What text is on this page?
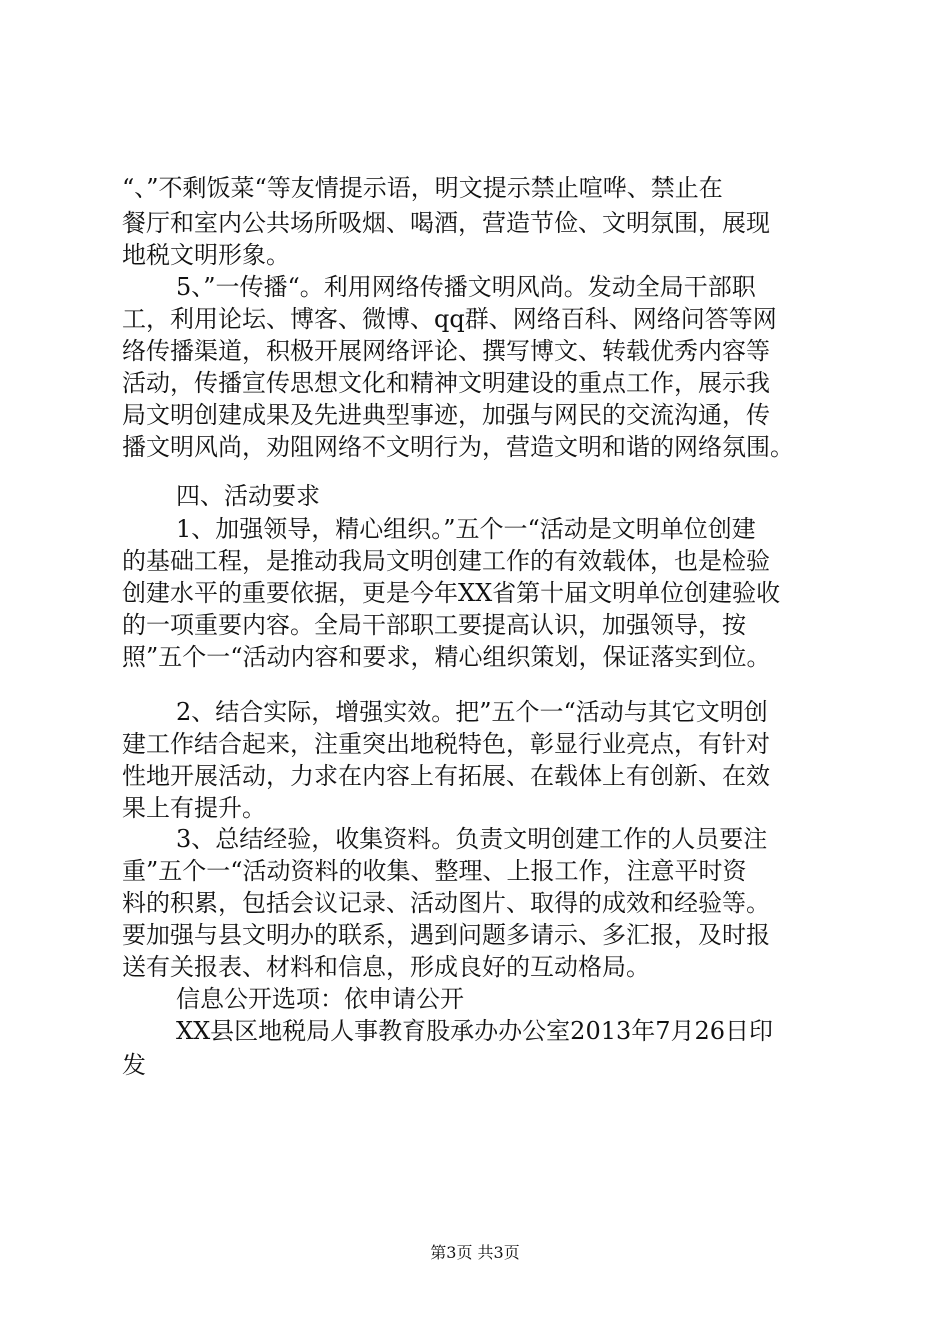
“、”不剩饭菜“等友情提示语，明文提示禁止喧哗、禁止在
餐厅和室内公共场所吸烟、喝酒，营造节俭、文明氛围，展现
地税文明形象。
5、”一传播“。利用网络传播文明风尚。发动全局干部职
工，利用论坛、博客、微博、qq群、网络百科、网络问答等网
络传播渠道，积极开展网络评论、撰写博文、转载优秀内容等
活动，传播宣传思想文化和精神文明建设的重点工作，展示我
局文明创建成果及先进典型事迹，加强与网民的交流沟通，传
播文明风尚，劝阻网络不文明行为，营造文明和谐的网络氛围。
四、活动要求
1、加强领导，精心组织。”五个一“活动是文明单位创建
的基础工程，是推动我局文明创建工作的有效载体，也是检验
创建水平的重要依据，更是今年XX省第十届文明单位创建验收
的一项重要内容。全局干部职工要提高认识，加强领导，按
照”五个一“活动内容和要求，精心组织策划，保证落实到位。
2、结合实际，增强实效。把”五个一“活动与其它文明创
建工作结合起来，注重突出地税特色，彰显行业亮点，有针对
性地开展活动，力求在内容上有拓展、在载体上有创新、在效
果上有提升。
3、总结经验，收集资料。负责文明创建工作的人员要注
重”五个一“活动资料的收集、整理、上报工作，注意平时资
料的积累，包括会议记录、活动图片、取得的成效和经验等。
要加强与县文明办的联系，遇到问题多请示、多汇报，及时报
送有关报表、材料和信息，形成良好的互动格局。
信息公开选项：依申请公开
XX县区地税局人事教育股承办办公室2013年7月26日印
发
第3页 共3页
